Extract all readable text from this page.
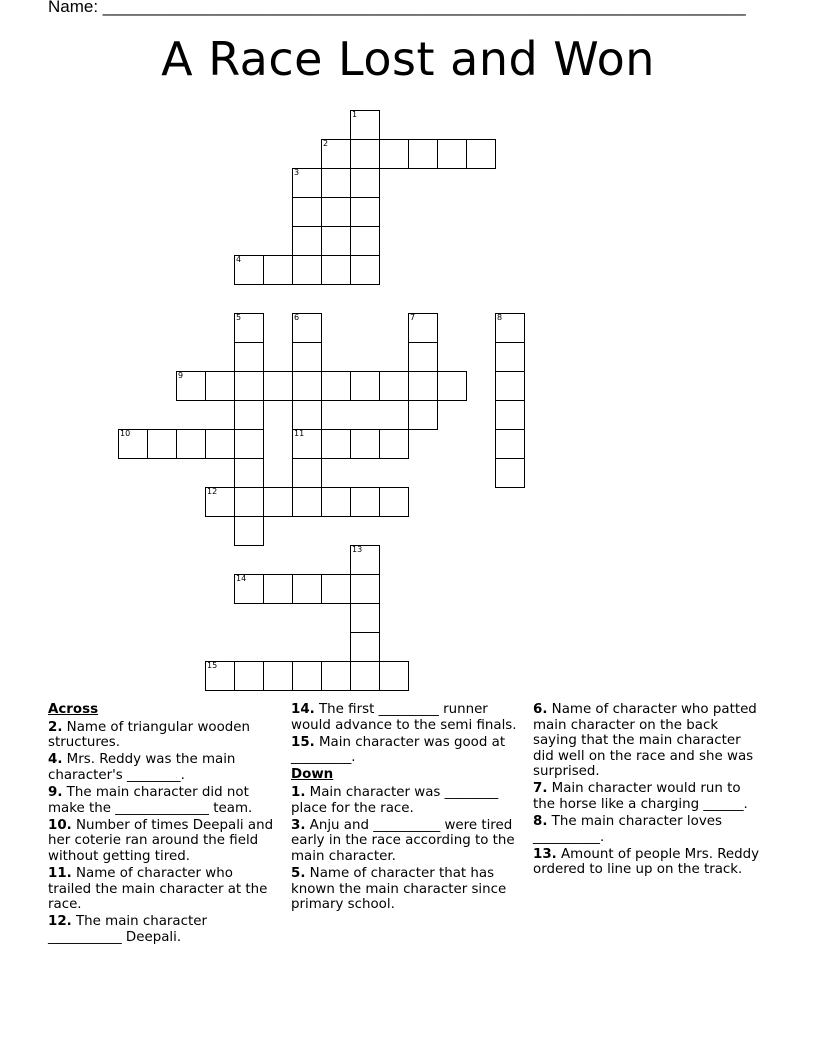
Name: ____________________________________________________________________
A Race Lost and Won
1
2
3
4
5	6	7	8
9
10	11
12
13
14
15
Across
2. Name of triangular wooden structures.
4. Mrs. Reddy was the main character's ________.
9. The main character did not make the ______________ team.
10. Number of times Deepali and her coterie ran around the field without getting tired.
11. Name of character who trailed the main character at the race.
12. The main character ___________ Deepali.
14. The first _________ runner would advance to the semi finals.
15. Main character was good at _________.
Down
1. Main character was ________ place for the race.
3. Anju and __________ were tired early in the race according to the main character.
5. Name of character that has known the main character since primary school.
6. Name of character who patted main character on the back saying that the main character did well on the race and she was surprised.
7. Main character would run to the horse like a charging ______.
8. The main character loves __________.
13. Amount of people Mrs. Reddy ordered to line up on the track.
